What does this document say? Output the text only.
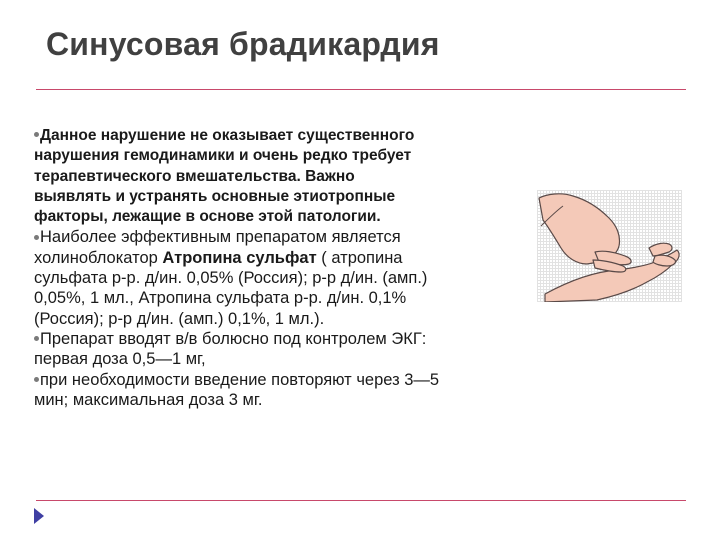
Синусовая брадикардия

Данное нарушение не оказывает существенного
нарушения гемодинамики и очень редко требует
терапевтического вмешательства. Важно
выявлять и устранять основные этиотропные
факторы, лежащие в основе этой патологии.

Наиболее эффективным препаратом является
холиноблокатор Атропина сульфат ( атропина
сульфата р-р. д/ин. 0,05% (Россия); р-р д/ин. (амп.)
0,05%, 1 мл., Атропина сульфата р-р. д/ин. 0,1%
(Россия); р-р д/ин. (амп.) 0,1%, 1 мл.).

Препарат вводят в/в болюсно под контролем ЭКГ:
первая доза 0,5—1 мг,

при необходимости введение повторяют через 3—5
мин; максимальная доза 3 мг.
